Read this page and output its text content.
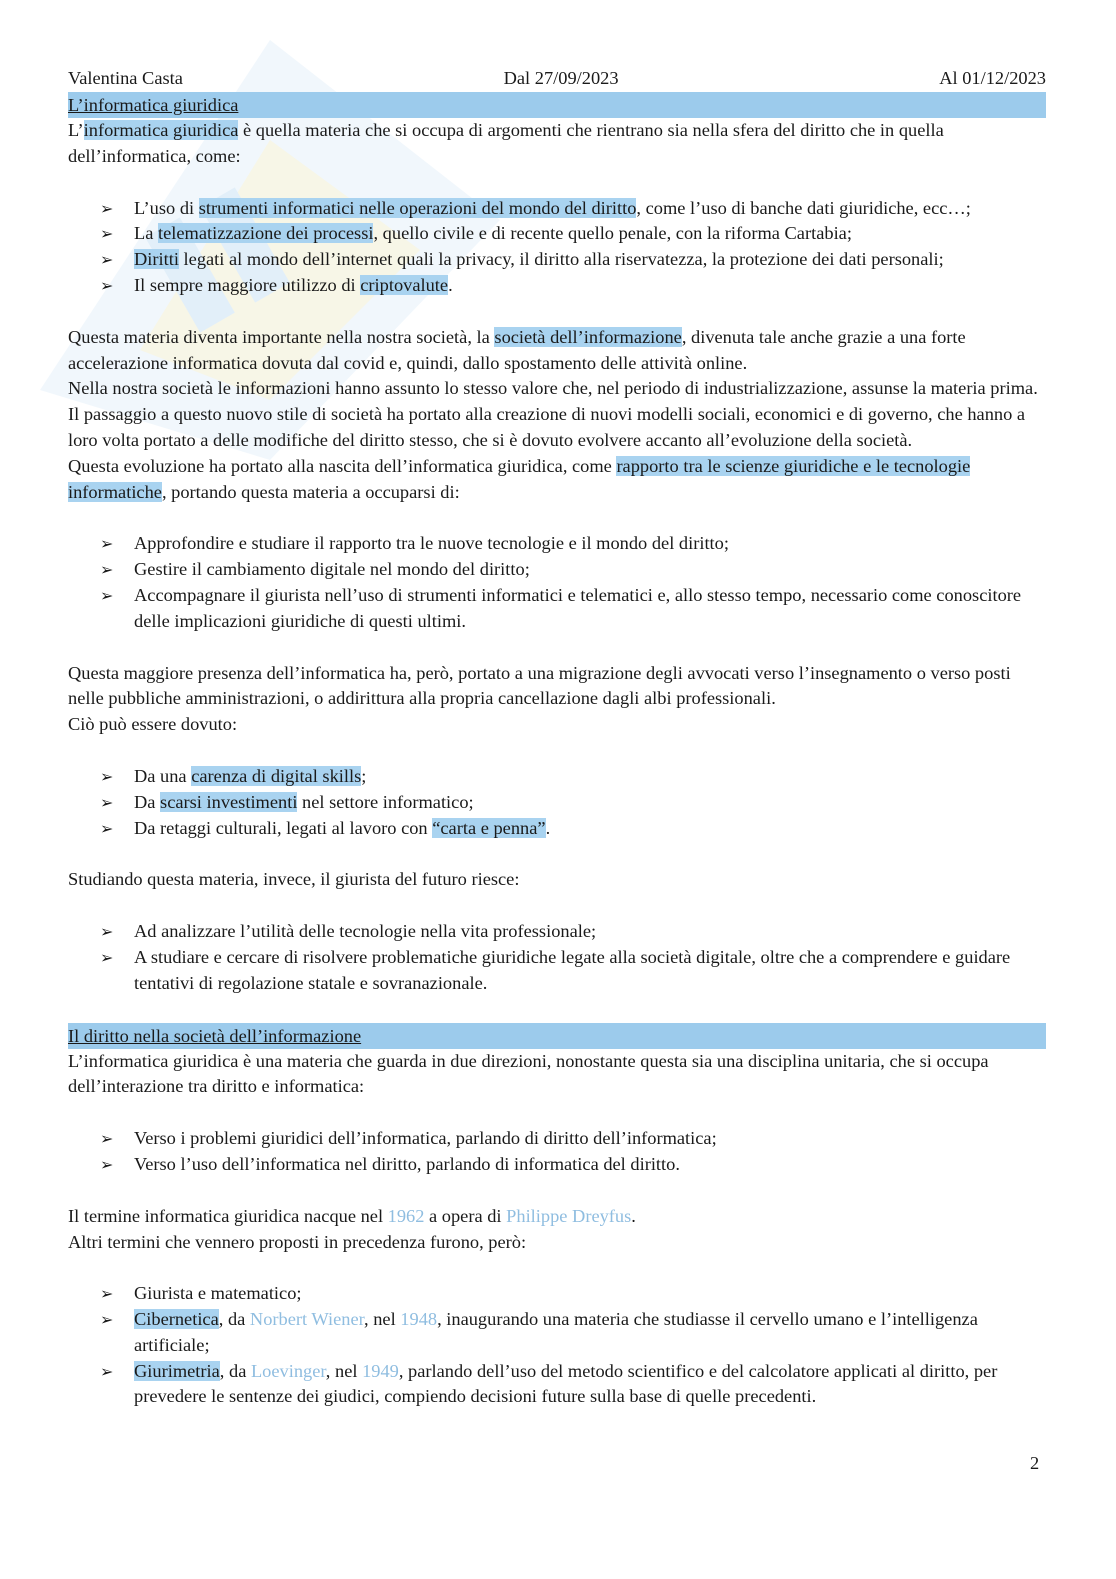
Valentina Casta	Dal 27/09/2023	Al 01/12/2023
L’informatica giuridica

L’informatica giuridica è quella materia che si occupa di argomenti che rientrano sia nella sfera del diritto che in quella dell’informatica, come:

➢ L’uso di strumenti informatici nelle operazioni del mondo del diritto, come l’uso di banche dati giuridiche, ecc…;
➢ La telematizzazione dei processi, quello civile e di recente quello penale, con la riforma Cartabia;
➢ Diritti legati al mondo dell’internet quali la privacy, il diritto alla riservatezza, la protezione dei dati personali;
➢ Il sempre maggiore utilizzo di criptovalute.

Questa materia diventa importante nella nostra società, la società dell’informazione, divenuta tale anche grazie a una forte accelerazione informatica dovuta dal covid e, quindi, dallo spostamento delle attività online.

Nella nostra società le informazioni hanno assunto lo stesso valore che, nel periodo di industrializzazione, assunse la materia prima.

Il passaggio a questo nuovo stile di società ha portato alla creazione di nuovi modelli sociali, economici e di governo, che hanno a loro volta portato a delle modifiche del diritto stesso, che si è dovuto evolvere accanto all’evoluzione della società.

Questa evoluzione ha portato alla nascita dell’informatica giuridica, come rapporto tra le scienze giuridiche e le tecnologie informatiche, portando questa materia a occuparsi di:

➢ Approfondire e studiare il rapporto tra le nuove tecnologie e il mondo del diritto;
➢ Gestire il cambiamento digitale nel mondo del diritto;
➢ Accompagnare il giurista nell’uso di strumenti informatici e telematici e, allo stesso tempo, necessario come conoscitore delle implicazioni giuridiche di questi ultimi.

Questa maggiore presenza dell’informatica ha, però, portato a una migrazione degli avvocati verso l’insegnamento o verso posti nelle pubbliche amministrazioni, o addirittura alla propria cancellazione dagli albi professionali.

Ciò può essere dovuto:

➢ Da una carenza di digital skills;
➢ Da scarsi investimenti nel settore informatico;
➢ Da retaggi culturali, legati al lavoro con “carta e penna”.

Studiando questa materia, invece, il giurista del futuro riesce:

➢ Ad analizzare l’utilità delle tecnologie nella vita professionale;
➢ A studiare e cercare di risolvere problematiche giuridiche legate alla società digitale, oltre che a comprendere e guidare tentativi di regolazione statale e sovranazionale.
Il diritto nella società dell’informazione

L’informatica giuridica è una materia che guarda in due direzioni, nonostante questa sia una disciplina unitaria, che si occupa dell’interazione tra diritto e informatica:

➢ Verso i problemi giuridici dell’informatica, parlando di diritto dell’informatica;
➢ Verso l’uso dell’informatica nel diritto, parlando di informatica del diritto.

Il termine informatica giuridica nacque nel 1962 a opera di Philippe Dreyfus.

Altri termini che vennero proposti in precedenza furono, però:

➢ Giurista e matematico;
➢ Cibernetica, da Norbert Wiener, nel 1948, inaugurando una materia che studiasse il cervello umano e l’intelligenza artificiale;
➢ Giurimetria, da Loevinger, nel 1949, parlando dell’uso del metodo scientifico e del calcolatore applicati al diritto, per prevedere le sentenze dei giudici, compiendo decisioni future sulla base di quelle precedenti.
2
